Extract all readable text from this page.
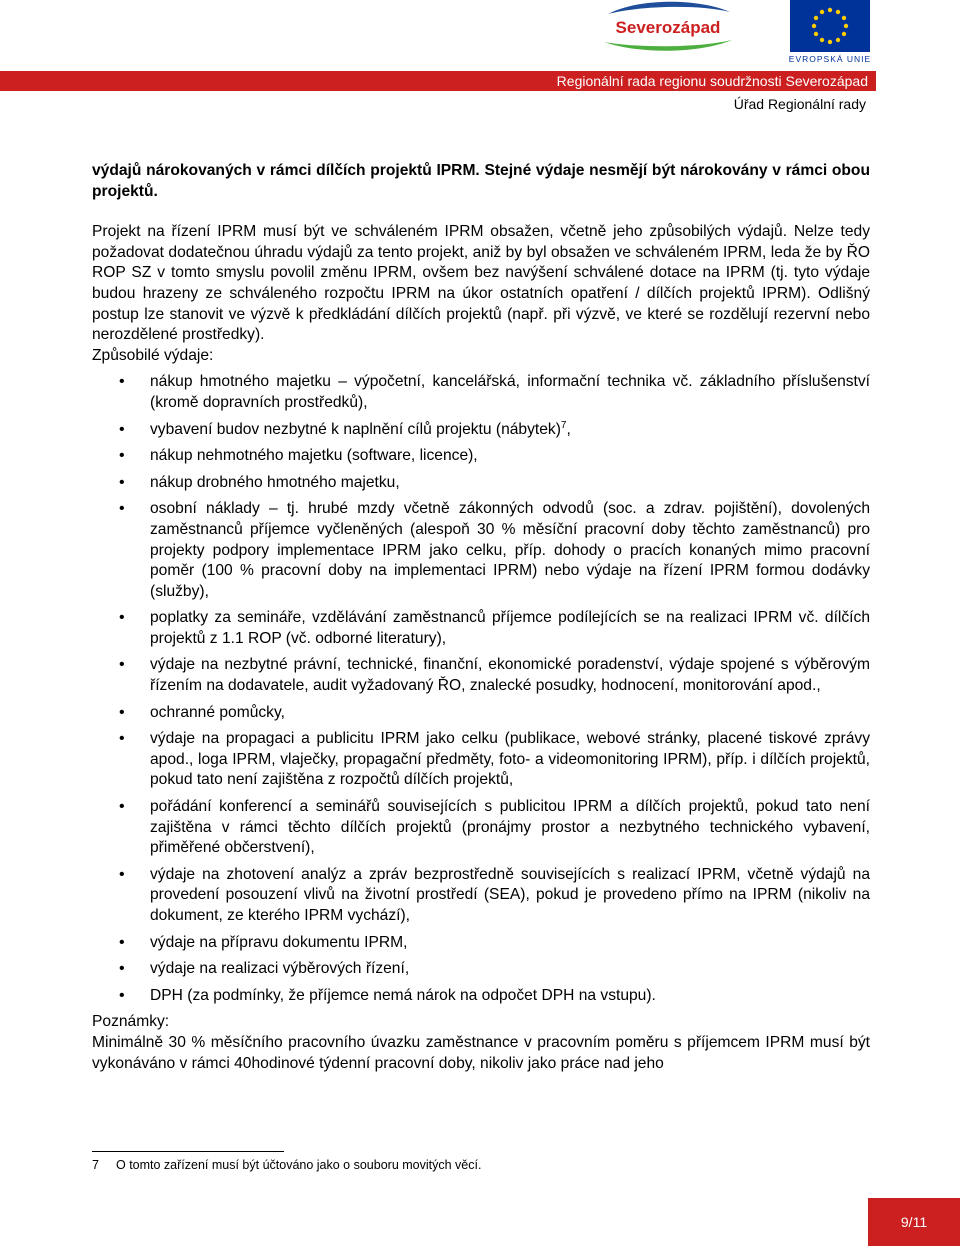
Severozápad
EVROPSKÁ UNIE
Regionální rada regionu soudržnosti Severozápad
Úřad Regionální rady

výdajů nárokovaných v rámci dílčích projektů IPRM. Stejné výdaje nesmějí být nárokovány v rámci obou projektů.

Projekt na řízení IPRM musí být ve schváleném IPRM obsažen, včetně jeho způsobilých výdajů. Nelze tedy požadovat dodatečnou úhradu výdajů za tento projekt, aniž by byl obsažen ve schváleném IPRM, leda že by ŘO ROP SZ v tomto smyslu povolil změnu IPRM, ovšem bez navýšení schválené dotace na IPRM (tj. tyto výdaje budou hrazeny ze schváleného rozpočtu IPRM na úkor ostatních opatření / dílčích projektů IPRM). Odlišný postup lze stanovit ve výzvě k předkládání dílčích projektů (např. při výzvě, ve které se rozdělují rezervní nebo nerozdělené prostředky).

Způsobilé výdaje:

• nákup hmotného majetku – výpočetní, kancelářská, informační technika vč. základního příslušenství (kromě dopravních prostředků),
• vybavení budov nezbytné k naplnění cílů projektu (nábytek)$^7$,
• nákup nehmotného majetku (software, licence),
• nákup drobného hmotného majetku,
• osobní náklady – tj. hrubé mzdy včetně zákonných odvodů (soc. a zdrav. pojištění), dovolených zaměstnanců příjemce vyčleněných (alespoň 30 % měsíční pracovní doby těchto zaměstnanců) pro projekty podpory implementace IPRM jako celku, příp. dohody o pracích konaných mimo pracovní poměr (100 % pracovní doby na implementaci IPRM) nebo výdaje na řízení IPRM formou dodávky (služby),
• poplatky za semináře, vzdělávání zaměstnanců příjemce podílejících se na realizaci IPRM vč. dílčích projektů z 1.1 ROP (vč. odborné literatury),
• výdaje na nezbytné právní, technické, finanční, ekonomické poradenství, výdaje spojené s výběrovým řízením na dodavatele, audit vyžadovaný ŘO, znalecké posudky, hodnocení, monitorování apod.,
• ochranné pomůcky,
• výdaje na propagaci a publicitu IPRM jako celku (publikace, webové stránky, placené tiskové zprávy apod., loga IPRM, vlaječky, propagační předměty, foto- a videomonitoring IPRM), příp. i dílčích projektů, pokud tato není zajištěna z rozpočtů dílčích projektů,
• pořádání konferencí a seminářů souvisejících s publicitou IPRM a dílčích projektů, pokud tato není zajištěna v rámci těchto dílčích projektů (pronájmy prostor a nezbytného technického vybavení, přiměřené občerstvení),
• výdaje na zhotovení analýz a zpráv bezprostředně souvisejících s realizací IPRM, včetně výdajů na provedení posouzení vlivů na životní prostředí (SEA), pokud je provedeno přímo na IPRM (nikoliv na dokument, ze kterého IPRM vychází),
• výdaje na přípravu dokumentu IPRM,
• výdaje na realizaci výběrových řízení,
• DPH (za podmínky, že příjemce nemá nárok na odpočet DPH na vstupu).

Poznámky:

Minimálně 30 % měsíčního pracovního úvazku zaměstnance v pracovním poměru s příjemcem IPRM musí být vykonáváno v rámci 40hodinové týdenní pracovní doby, nikoliv jako práce nad jeho

7 O tomto zařízení musí být účtováno jako o souboru movitých věcí.
9/11
